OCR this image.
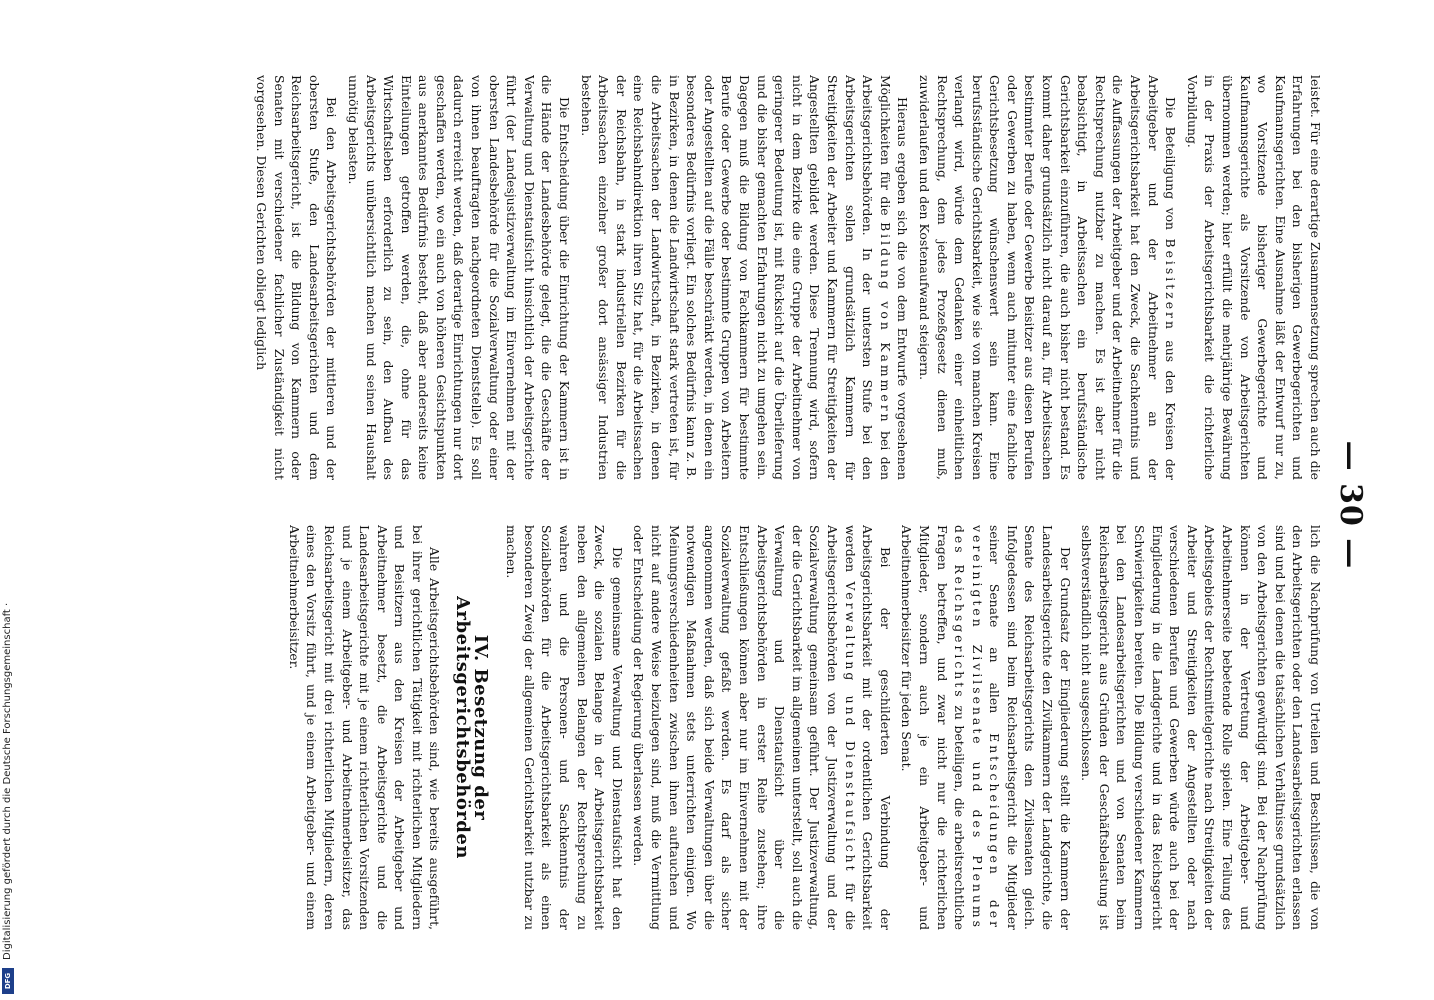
— 30 —

leistet. Für eine derartige Zusammensetzung sprechen auch die Erfahrungen bei den bisherigen Gewerbegerichten und Kaufmannsgerichten. Eine Ausnahme läßt der Entwurf nur zu, wo Vorsitzende bisheriger Gewerbegerichte und Kaufmannsgerichte als Vorsitzende von Arbeitsgerichten übernommen werden; hier erfüllt die mehrjährige Bewährung in der Praxis der Arbeitsgerichtsbarkeit die richterliche Vorbildung.

Die Beteiligung von Beisitzern aus den Kreisen der Arbeitgeber und der Arbeitnehmer an der Arbeitsgerichtsbarkeit hat den Zweck, die Sachkenntnis und die Auffassungen der Arbeitgeber und der Arbeitnehmer für die Rechtsprechung nutzbar zu machen. Es ist aber nicht beabsichtigt, in Arbeitssachen ein berufsständische Gerichtsbarkeit einzuführen, die auch bisher nicht bestand. Es kommt daher grundsätzlich nicht darauf an, für Arbeitssachen bestimmter Berufe oder Gewerbe Beisitzer aus diesen Berufen oder Gewerben zu haben, wenn auch mitunter eine fachliche Gerichtsbesetzung wünschenswert sein kann. Eine berufsständische Gerichtsbarkeit, wie sie von manchen Kreisen verlangt wird, würde dem Gedanken einer einheitlichen Rechtsprechung, dem jedes Prozeßgesetz dienen muß, zuwiderlaufen und den Kostenaufwand steigern.

Hieraus ergeben sich die von dem Entwurfe vorgesehenen Möglichkeiten für die Bildung von Kammern bei den Arbeitsgerichtsbehörden. In der untersten Stufe bei den Arbeitsgerichten sollen grundsätzlich Kammern für Streitigkeiten der Arbeiter und Kammern für Streitigkeiten der Angestellten gebildet werden. Diese Trennung wird, sofern nicht in dem Bezirke die eine Gruppe der Arbeitnehmer von geringerer Bedeutung ist, mit Rücksicht auf die Überlieferung und die bisher gemachten Erfahrungen nicht zu umgehen sein. Dagegen muß die Bildung von Fachkammern für bestimmte Berufe oder Gewerbe oder bestimmte Gruppen von Arbeitern oder Angestellten auf die Fälle beschränkt werden, in denen ein besonderes Bedürfnis vorliegt. Ein solches Bedürfnis kann z. B. in Bezirken, in denen die Landwirtschaft stark vertreten ist, für die Arbeitssachen der Landwirtschaft, in Bezirken, in denen eine Reichsbahndirektion ihren Sitz hat, für die Arbeitssachen der Reichsbahn, in stark industriellen Bezirken für die Arbeitssachen einzelner großer dort ansässiger Industrien bestehen.

Die Entscheidung über die Einrichtung der Kammern ist in die Hände der Landesbehörde gelegt, die die Geschäfte der Verwaltung und Dienstaufsicht hinsichtlich der Arbeitsgerichte führt (der Landesjustizverwaltung im Einvernehmen mit der obersten Landesbehörde für die Sozialverwaltung oder einer von ihnen beauftragten nachgeordneten Dienststelle). Es soll dadurch erreicht werden, daß derartige Einrichtungen nur dort geschaffen werden, wo ein auch von höheren Gesichtspunkten aus anerkanntes Bedürfnis besteht, daß aber anderseits keine Einteilungen getroffen werden, die, ohne für das Wirtschaftsleben erforderlich zu sein, den Aufbau des Arbeitsgerichts unübersichtlich machen und seinen Haushalt unnötig belasten.

Bei den Arbeitsgerichtsbehörden der mittleren und der obersten Stufe, den Landesarbeitsgerichten und dem Reichsarbeitsgericht, ist die Bildung von Kammern oder Senaten mit verschiedener fachlicher Zuständigkeit nicht vorgesehen. Diesen Gerichten obliegt lediglich

lich die Nachprüfung von Urteilen und Beschlüssen, die von den Arbeitsgerichten oder den Landesarbeitsgerichten erlassen sind und bei denen die tatsächlichen Verhältnisse grundsätzlich von den Arbeitsgerichten gewürdigt sind. Bei der Nachprüfung können in der Vertretung der Arbeitgeber- und Arbeitnehmerseite bebetende Rolle spielen. Eine Teilung des Arbeitsgebiets der Rechtsmittelgerichte nach Streitigkeiten der Arbeiter und Streitigkeiten der Angestellten oder nach verschiedenen Berufen und Gewerben würde auch bei der Eingliederung in die Landgerichte und in das Reichsgericht Schwierigkeiten bereiten. Die Bildung verschiedener Kammern bei den Landesarbeitsgerichten und von Senaten beim Reichsarbeitsgericht aus Gründen der Geschäftsbelastung ist selbstverständlich nicht ausgeschlossen.

Der Grundsatz der Eingliederung stellt die Kammern der Landesarbeitsgerichte den Zivilkammern der Landgerichte, die Senate des Reichsarbeitsgerichts den Zivilsenaten gleich. Infolgedessen sind beim Reichsarbeitsgericht die Mitglieder seiner Senate an allen Entscheidungen der vereinigten Zivilsenate und des Plenums des Reichsgerichts zu beteiligen, die arbeitsrechtliche Fragen betreffen, und zwar nicht nur die richterlichen Mitglieder, sondern auch je ein Arbeitgeber- und Arbeitnehmerbeisitzer für jeden Senat.

Bei der geschilderten Verbindung der Arbeitsgerichtsbarkeit mit der ordentlichen Gerichtsbarkeit werden Verwaltung und Dienstaufsicht für die Arbeitsgerichtsbehörden von der Justizverwaltung und der Sozialverwaltung gemeinsam geführt. Der Justizverwaltung, der die Gerichtsbarkeit im allgemeinen unterstellt, soll auch die Verwaltung und Dienstaufsicht über die Arbeitsgerichtsbehörden in erster Reihe zustehen; ihre Entschließungen können aber nur im Einvernehmen mit der Sozialverwaltung gefaßt werden. Es darf als sicher angenommen werden, daß sich beide Verwaltungen über die notwendigen Maßnahmen stets unterrichten einigen. Wo Meinungsverschiedenheiten zwischen ihnen auftauchen und nicht auf andere Weise beizulegen sind, muß die Vermittlung oder Entscheidung der Regierung überlassen werden.

Die gemeinsame Verwaltung und Dienstaufsicht hat den Zweck, die sozialen Belange in der Arbeitsgerichtsbarkeit neben den allgemeinen Belangen der Rechtsprechung zu wahren und die Personen- und Sachkenntnis der Sozialbehörden für die Arbeitsgerichtsbarkeit als einen besonderen Zweig der allgemeinen Gerichtsbarkeit nutzbar zu machen.

IV. Besetzung der Arbeitsgerichtsbehörden

Alle Arbeitsgerichtsbehörden sind, wie bereits ausgeführt, bei ihrer gerichtlichen Tätigkeit mit richterlichen Mitgliedern und Beisitzern aus den Kreisen der Arbeitgeber und Arbeitnehmer besetzt, die Arbeitsgerichte und die Landesarbeitsgerichte mit je einem richterlichen Vorsitzenden und je einem Arbeitgeber- und Arbeitnehmerbeisitzer, das Reichsarbeitsgericht mit drei richterlichen Mitgliedern, deren eines den Vorsitz führt, und je einem Arbeitgeber- und einem Arbeitnehmerbeisitzer.

Digitalisierung gefördert durch die Deutsche Forschungsgemeinschaft ·
DFG
